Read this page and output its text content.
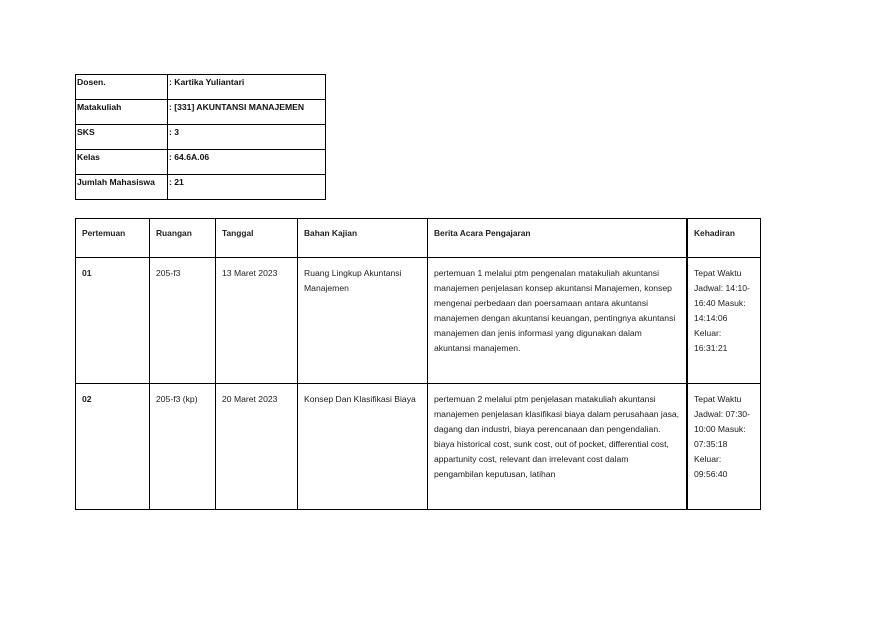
Dosen.	: Kartika Yuliantari
Matakuliah	: [331] AKUNTANSI MANAJEMEN
SKS	: 3
Kelas	: 64.6A.06
Jumlah Mahasiswa	: 21
Pertemuan	Ruangan	Tanggal	Bahan Kajian	Berita Acara Pengajaran	Kehadiran
01	205-f3	13 Maret 2023	Ruang Lingkup Akuntansi Manajemen	pertemuan 1 melalui ptm pengenalan matakuliah akuntansi manajemen penjelasan konsep akuntansi Manajemen, konsep mengenai perbedaan dan poersamaan antara akuntansi manajemen dengan akuntansi keuangan, pentingnya akuntansi manajemen dan jenis informasi yang digunakan dalam akuntansi manajemen.	Tepat Waktu Jadwal: 14:10-16:40 Masuk: 14:14:06 Keluar: 16:31:21
02	205-f3 (kp)	20 Maret 2023	Konsep Dan Klasifikasi Biaya	pertemuan 2 melalui ptm penjelasan matakuliah akuntansi manajemen penjelasan klasifikasi biaya dalam perusahaan jasa, dagang dan industri, biaya perencanaan dan pengendalian. biaya historical cost, sunk cost, out of pocket, differential cost, appartunity cost, relevant dan irrelevant cost dalam pengambilan keputusan, latihan	Tepat Waktu Jadwal: 07:30-10:00 Masuk: 07:35:18 Keluar: 09:56:40
